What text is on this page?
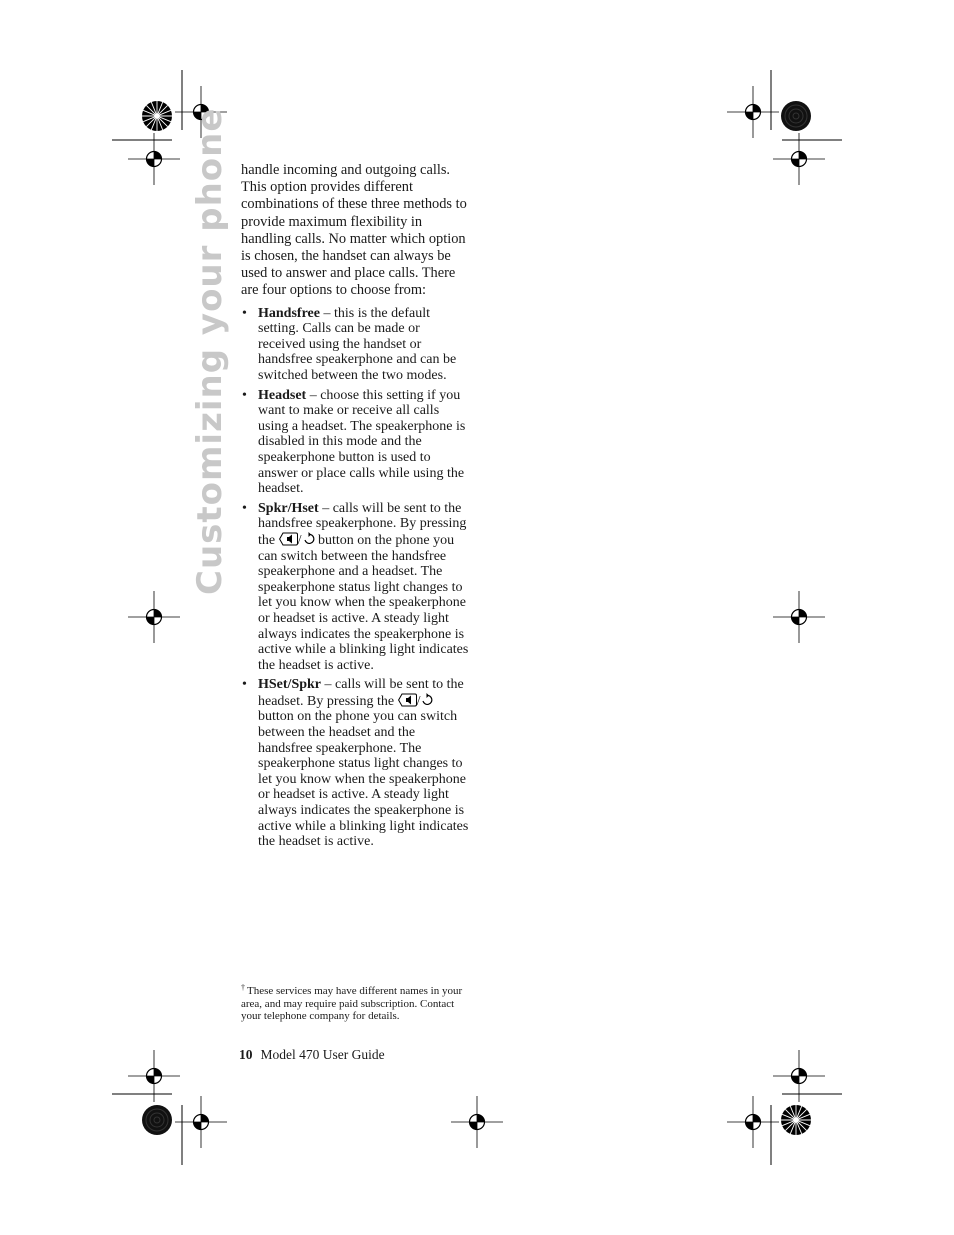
Customizing your phone handle incoming and outgoing calls. This option provides different combinations of these three methods to provide maximum flexibility in handling calls. No matter which option is chosen, the handset can always be used to answer and place calls. There are four options to choose from:

• Handsfree – this is the default setting. Calls can be made or received using the handset or handsfree speakerphone and can be switched between the two modes.
• Headset – choose this setting if you want to make or receive all calls using a headset. The speakerphone is disabled in this mode and the speakerphone button is used to answer or place calls while using the headset.
• Spkr/Hset – calls will be sent to the handsfree speakerphone. By pressing the / button on the phone you can switch between the handsfree speakerphone and a headset. The speakerphone status light changes to let you know when the speakerphone or headset is active. A steady light always indicates the speakerphone is active while a blinking light indicates the headset is active.
• HSet/Spkr – calls will be sent to the headset. By pressing the / button on the phone you can switch between the headset and the handsfree speakerphone. The speakerphone status light changes to let you know when the speakerphone or headset is active. A steady light always indicates the speakerphone is active while a blinking light indicates the headset is active.
† These services may have different names in your area, and may require paid subscription. Contact your telephone company for details.
10 Model 470 User Guide
